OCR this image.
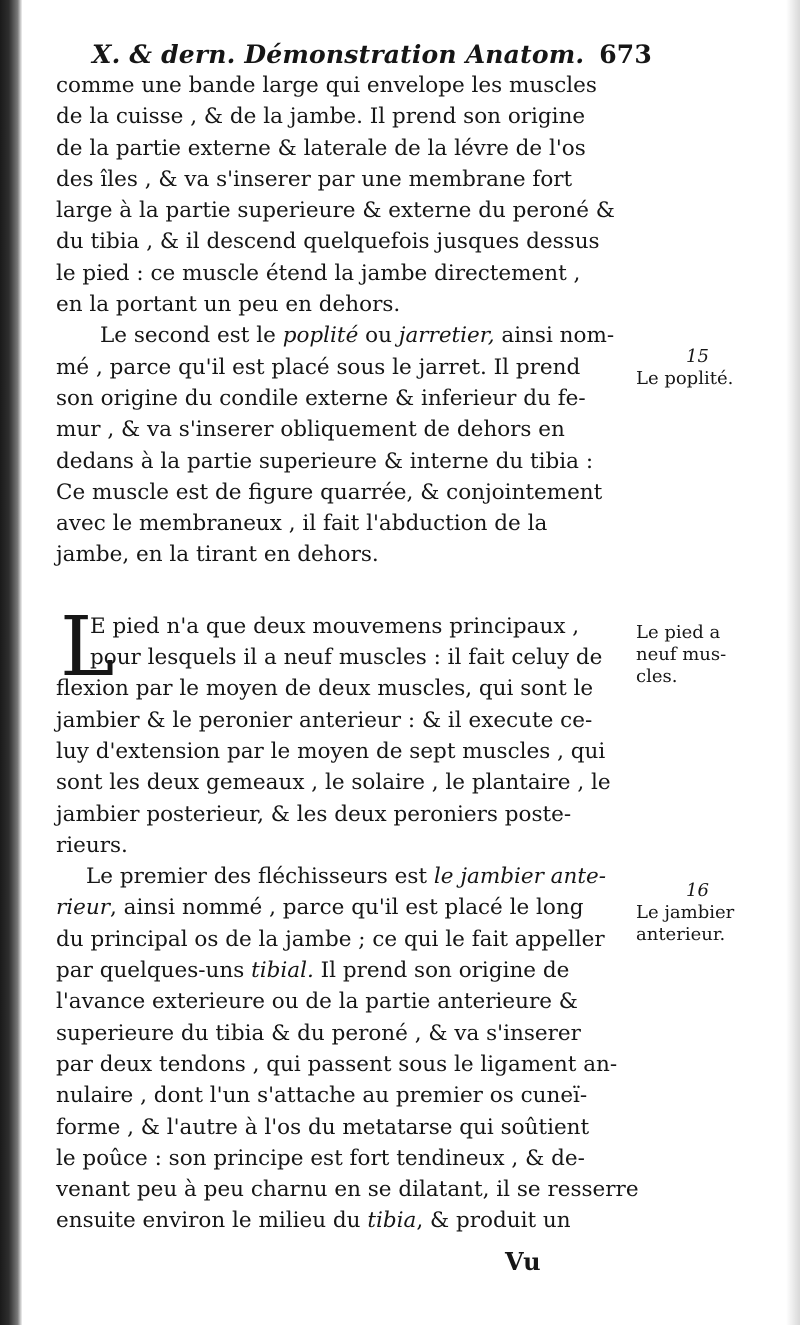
X. & dern. Démonstration Anatom. 673
comme une bande large qui envelope les muscles
de la cuisse , & de la jambe. Il prend son origine
de la partie externe & laterale de la lévre de l'os
des îles , & va s'inserer par une membrane fort
large à la partie superieure & externe du peroné &
du tibia , & il descend quelquefois jusques dessus
le pied : ce muscle étend la jambe directement ,
en la portant un peu en dehors.
Le second est le poplité ou jarretier, ainsi nom-
mé , parce qu'il est placé sous le jarret. Il prend
son origine du condile externe & inferieur du fe-
mur , & va s'inserer obliquement de dehors en
dedans à la partie superieure & interne du tibia :
Ce muscle est de figure quarrée, & conjointement
avec le membraneux , il fait l'abduction de la
jambe, en la tirant en dehors.
E pied n'a que deux mouvemens principaux ,
pour lesquels il a neuf muscles : il fait celuy de
flexion par le moyen de deux muscles, qui sont le
jambier & le peronier anterieur : & il execute ce-
luy d'extension par le moyen de sept muscles , qui
sont les deux gemeaux , le solaire , le plantaire , le
jambier posterieur, & les deux peroniers poste-
rieurs.
Le premier des fléchisseurs est le jambier ante-
rieur, ainsi nommé , parce qu'il est placé le long
du principal os de la jambe ; ce qui le fait appeller
par quelques-uns tibial. Il prend son origine de
l'avance exterieure ou de la partie anterieure &
superieure du tibia & du peroné , & va s'inserer
par deux tendons , qui passent sous le ligament an-
nulaire , dont l'un s'attache au premier os cuneï-
forme , & l'autre à l'os du metatarse qui soûtient
le poûce : son principe est fort tendineux , & de-
venant peu à peu charnu en se dilatant, il se resserre
ensuite environ le milieu du tibia, & produit un
L
15
Le poplité.
Le pied a
neuf mus-
cles.
16
Le jambier
anterieur.
Vu
